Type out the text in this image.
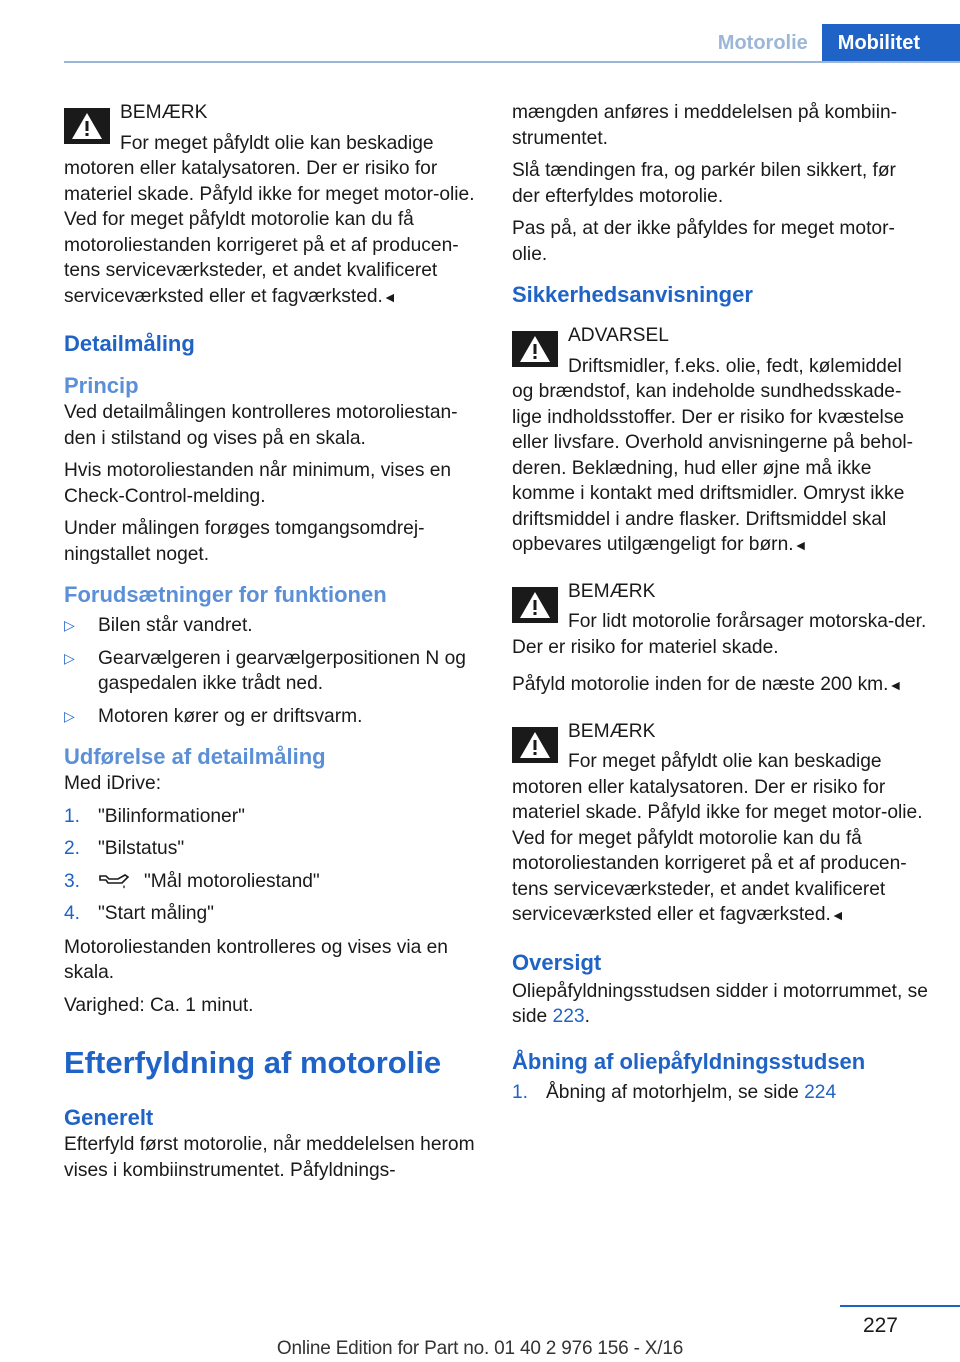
Motorolie	Mobilitet
BEMÆRK
For meget påfyldt olie kan beskadige motoren eller katalysatoren. Der er risiko for materiel skade. Påfyld ikke for meget motor-olie. Ved for meget påfyldt motorolie kan du få motoroliestanden korrigeret på et af producen-tens serviceværksteder, et andet kvalificeret serviceværksted eller et fagværksted.◄
Detailmåling
Princip

Ved detailmålingen kontrolleres motoroliestan-den i stilstand og vises på en skala.

Hvis motoroliestanden når minimum, vises en Check-Control-melding.

Under målingen forøges tomgangsomdrej-ningstallet noget.

Forudsætninger for funktionen
▷	Bilen står vandret.
▷	Gearvælgeren i gearvælgerpositionen N og gaspedalen ikke trådt ned.
▷	Motoren kører og er driftsvarm.
Udførelse af detailmåling

Med iDrive:

1. "Bilinformationer"
2. "Bilstatus"
3.	"Mål motoroliestand"
4. "Start måling"

Motoroliestanden kontrolleres og vises via en skala.

Varighed: Ca. 1 minut.

Efterfyldning af motorolie
Generelt

Efterfyld først motorolie, når meddelelsen herom vises i kombiinstrumentet. Påfyldnings-

mængden anføres i meddelelsen på kombiin-strumentet.

Slå tændingen fra, og parkér bilen sikkert, før der efterfyldes motorolie.

Pas på, at der ikke påfyldes for meget motor-olie.

Sikkerhedsanvisninger
ADVARSEL
Driftsmidler, f.eks. olie, fedt, kølemiddel og brændstof, kan indeholde sundhedsskade-lige indholdsstoffer. Der er risiko for kvæstelse eller livsfare. Overhold anvisningerne på behol-deren. Beklædning, hud eller øjne må ikke komme i kontakt med driftsmidler. Omryst ikke driftsmiddel i andre flasker. Driftsmiddel skal opbevares utilgængeligt for børn.◄
BEMÆRK
For lidt motorolie forårsager motorska-der. Der er risiko for materiel skade.

Påfyld motorolie inden for de næste 200 km.◄

BEMÆRK
For meget påfyldt olie kan beskadige motoren eller katalysatoren. Der er risiko for materiel skade. Påfyld ikke for meget motor-olie. Ved for meget påfyldt motorolie kan du få motoroliestanden korrigeret på et af producen-tens serviceværksteder, et andet kvalificeret serviceværksted eller et fagværksted.◄
Oversigt

Oliepåfyldningsstudsen sidder i motorrummet, se side 223.

Åbning af oliepåfyldningsstudsen
1. Åbning af motorhjelm, se side 224
227
Online Edition for Part no. 01 40 2 976 156 - X/16
